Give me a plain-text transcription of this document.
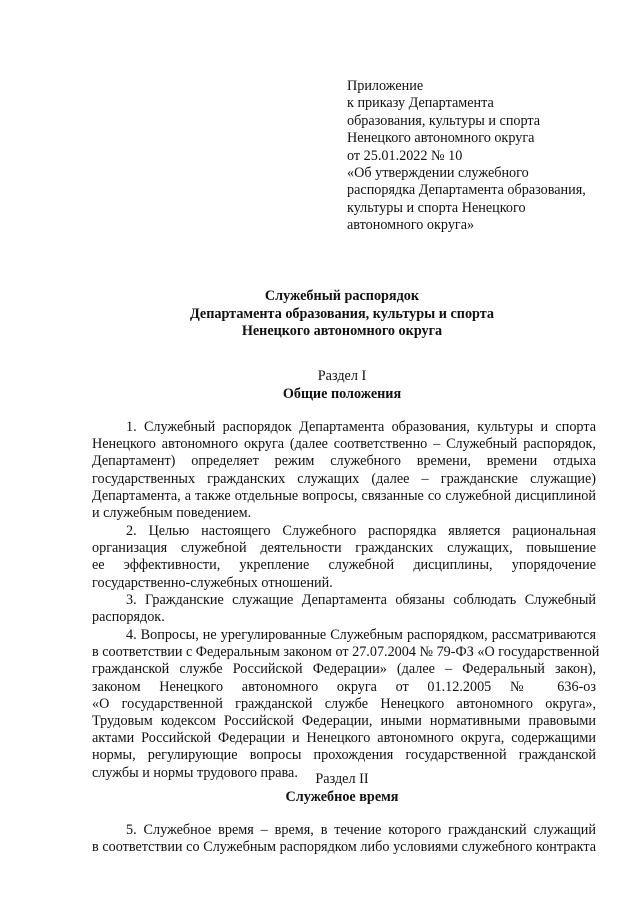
Приложение
к приказу Департамента
образования, культуры и спорта
Ненецкого автономного округа
от 25.01.2022 № 10
«Об утверждении служебного
распорядка Департамента образования,
культуры и спорта Ненецкого
автономного округа»
Служебный распорядок
Департамента образования, культуры и спорта
Ненецкого автономного округа
Раздел I
Общие положения
1. Служебный распорядок Департамента образования, культуры и спорта
Ненецкого автономного округа (далее соответственно – Служебный распорядок,
Департамент) определяет режим служебного времени, времени отдыха
государственных гражданских служащих (далее – гражданские служащие)
Департамента, а также отдельные вопросы, связанные со служебной дисциплиной
и служебным поведением.
2. Целью настоящего Служебного распорядка является рациональная
организация служебной деятельности гражданских служащих, повышение
ее эффективности, укрепление служебной дисциплины, упорядочение
государственно-служебных отношений.
3. Гражданские служащие Департамента обязаны соблюдать Служебный
распорядок.
4. Вопросы, не урегулированные Служебным распорядком, рассматриваются
в соответствии с Федеральным законом от 27.07.2004 № 79-ФЗ «О государственной
гражданской службе Российской Федерации» (далее – Федеральный закон),
законом Ненецкого автономного округа от 01.12.2005 № 636-оз
«О государственной гражданской службе Ненецкого автономного округа»,
Трудовым кодексом Российской Федерации, иными нормативными правовыми
актами Российской Федерации и Ненецкого автономного округа, содержащими
нормы, регулирующие вопросы прохождения государственной гражданской
службы и нормы трудового права.	Раздел II
Служебное время
5. Служебное время – время, в течение которого гражданский служащий
в соответствии со Служебным распорядком либо условиями служебного контракта
